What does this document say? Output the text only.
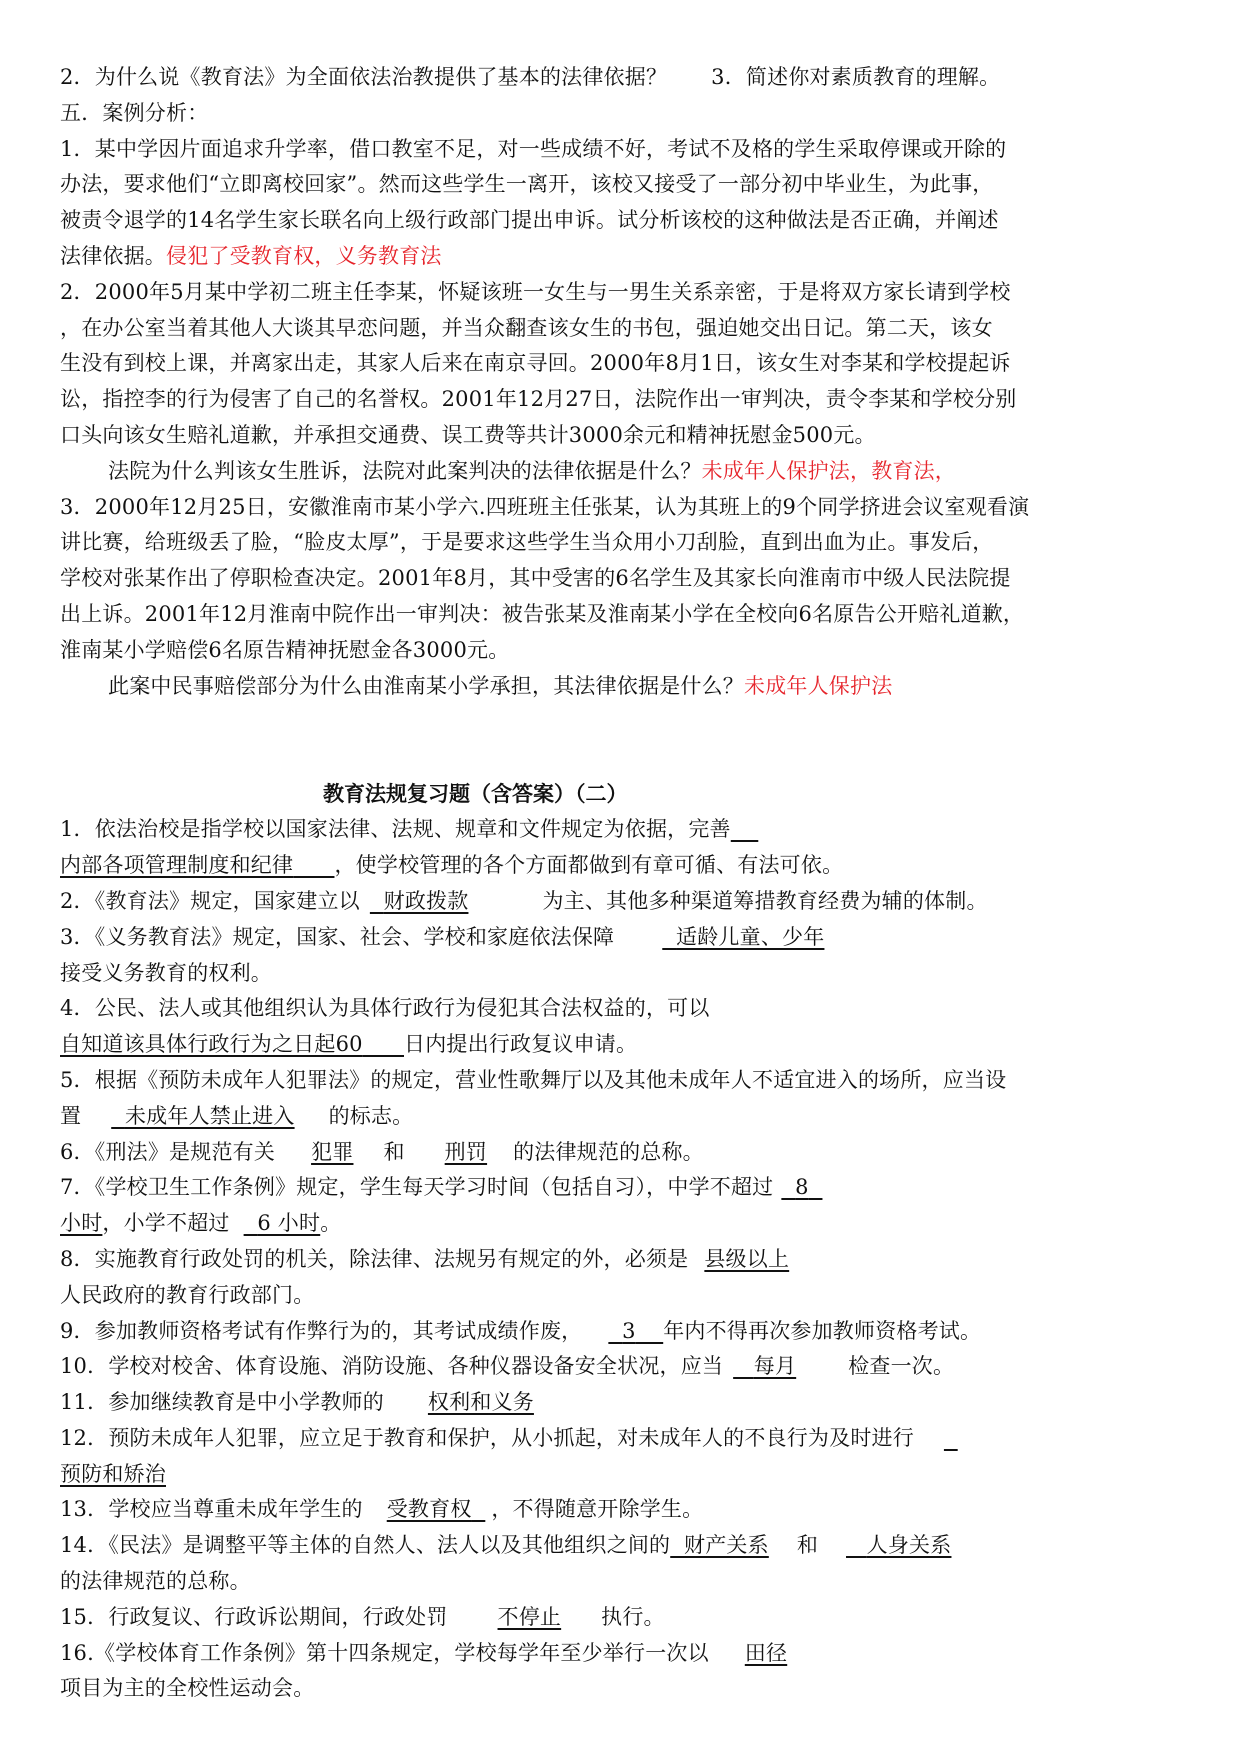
2．为什么说《教育法》为全面依法治教提供了基本的法律依据？ 3．简述你对素质教育的理解。
五．案例分析：
1．某中学因片面追求升学率，借口教室不足，对一些成绩不好，考试不及格的学生采取停课或开除的
办法，要求他们“立即离校回家”。然而这些学生一离开，该校又接受了一部分初中毕业生，为此事，
被责令退学的14名学生家长联名向上级行政部门提出申诉。试分析该校的这种做法是否正确，并阐述
法律依据。侵犯了受教育权，义务教育法
2．2000年5月某中学初二班主任李某，怀疑该班一女生与一男生关系亲密，于是将双方家长请到学校
，在办公室当着其他人大谈其早恋问题，并当众翻查该女生的书包，强迫她交出日记。第二天，该女
生没有到校上课，并离家出走，其家人后来在南京寻回。2000年8月1日，该女生对李某和学校提起诉
讼，指控李的行为侵害了自己的名誉权。2001年12月27日，法院作出一审判决，责令李某和学校分别
口头向该女生赔礼道歉，并承担交通费、误工费等共计3000余元和精神抚慰金500元。
法院为什么判该女生胜诉，法院对此案判决的法律依据是什么？未成年人保护法，教育法，
3．2000年12月25日，安徽淮南市某小学六.四班班主任张某，认为其班上的9个同学挤进会议室观看演
讲比赛，给班级丢了脸，“脸皮太厚”，于是要求这些学生当众用小刀刮脸，直到出血为止。事发后，
学校对张某作出了停职检查决定。2001年8月，其中受害的6名学生及其家长向淮南市中级人民法院提
出上诉。2001年12月淮南中院作出一审判决：被告张某及淮南某小学在全校向6名原告公开赔礼道歉，
淮南某小学赔偿6名原告精神抚慰金各3000元。
此案中民事赔偿部分为什么由淮南某小学承担，其法律依据是什么？未成年人保护法
教育法规复习题（含答案）（二）
1．依法治校是指学校以国家法律、法规、规章和文件规定为依据，完善
内部各项管理制度和纪律 ，使学校管理的各个方面都做到有章可循、有法可依。
2．《教育法》规定，国家建立以 财政拨款	为主、其他多种渠道筹措教育经费为辅的体制。
3．《义务教育法》规定，国家、社会、学校和家庭依法保障	适龄儿童、少年
接受义务教育的权利。
4．公民、法人或其他组织认为具体行政行为侵犯其合法权益的，可以
自知道该具体行政行为之日起60 日内提出行政复议申请。
5．根据《预防未成年人犯罪法》的规定，营业性歌舞厅以及其他未成年人不适宜进入的场所，应当设
置 未成年人禁止进入 的标志。
6．《刑法》是规范有关 犯罪 和 刑罚 的法律规范的总称。
7．《学校卫生工作条例》规定，学生每天学习时间（包括自习），中学不超过 8
小时，小学不超过 6 小时。
8．实施教育行政处罚的机关，除法律、法规另有规定的外，必须是 县级以上
人民政府的教育行政部门。
9．参加教师资格考试有作弊行为的，其考试成绩作废， 3 年内不得再次参加教师资格考试。
10．学校对校舍、体育设施、消防设施、各种仪器设备安全状况，应当 每月 检查一次。
11．参加继续教育是中小学教师的 权利和义务
12．预防未成年人犯罪，应立足于教育和保护，从小抓起，对未成年人的不良行为及时进行
预防和矫治
13．学校应当尊重未成年学生的 受教育权 ，不得随意开除学生。
14．《民法》是调整平等主体的自然人、法人以及其他组织之间的 财产关系 和 人身关系
的法律规范的总称。
15．行政复议、行政诉讼期间，行政处罚 不停止 执行。
16.《学校体育工作条例》第十四条规定，学校每学年至少举行一次以 田径
项目为主的全校性运动会。
